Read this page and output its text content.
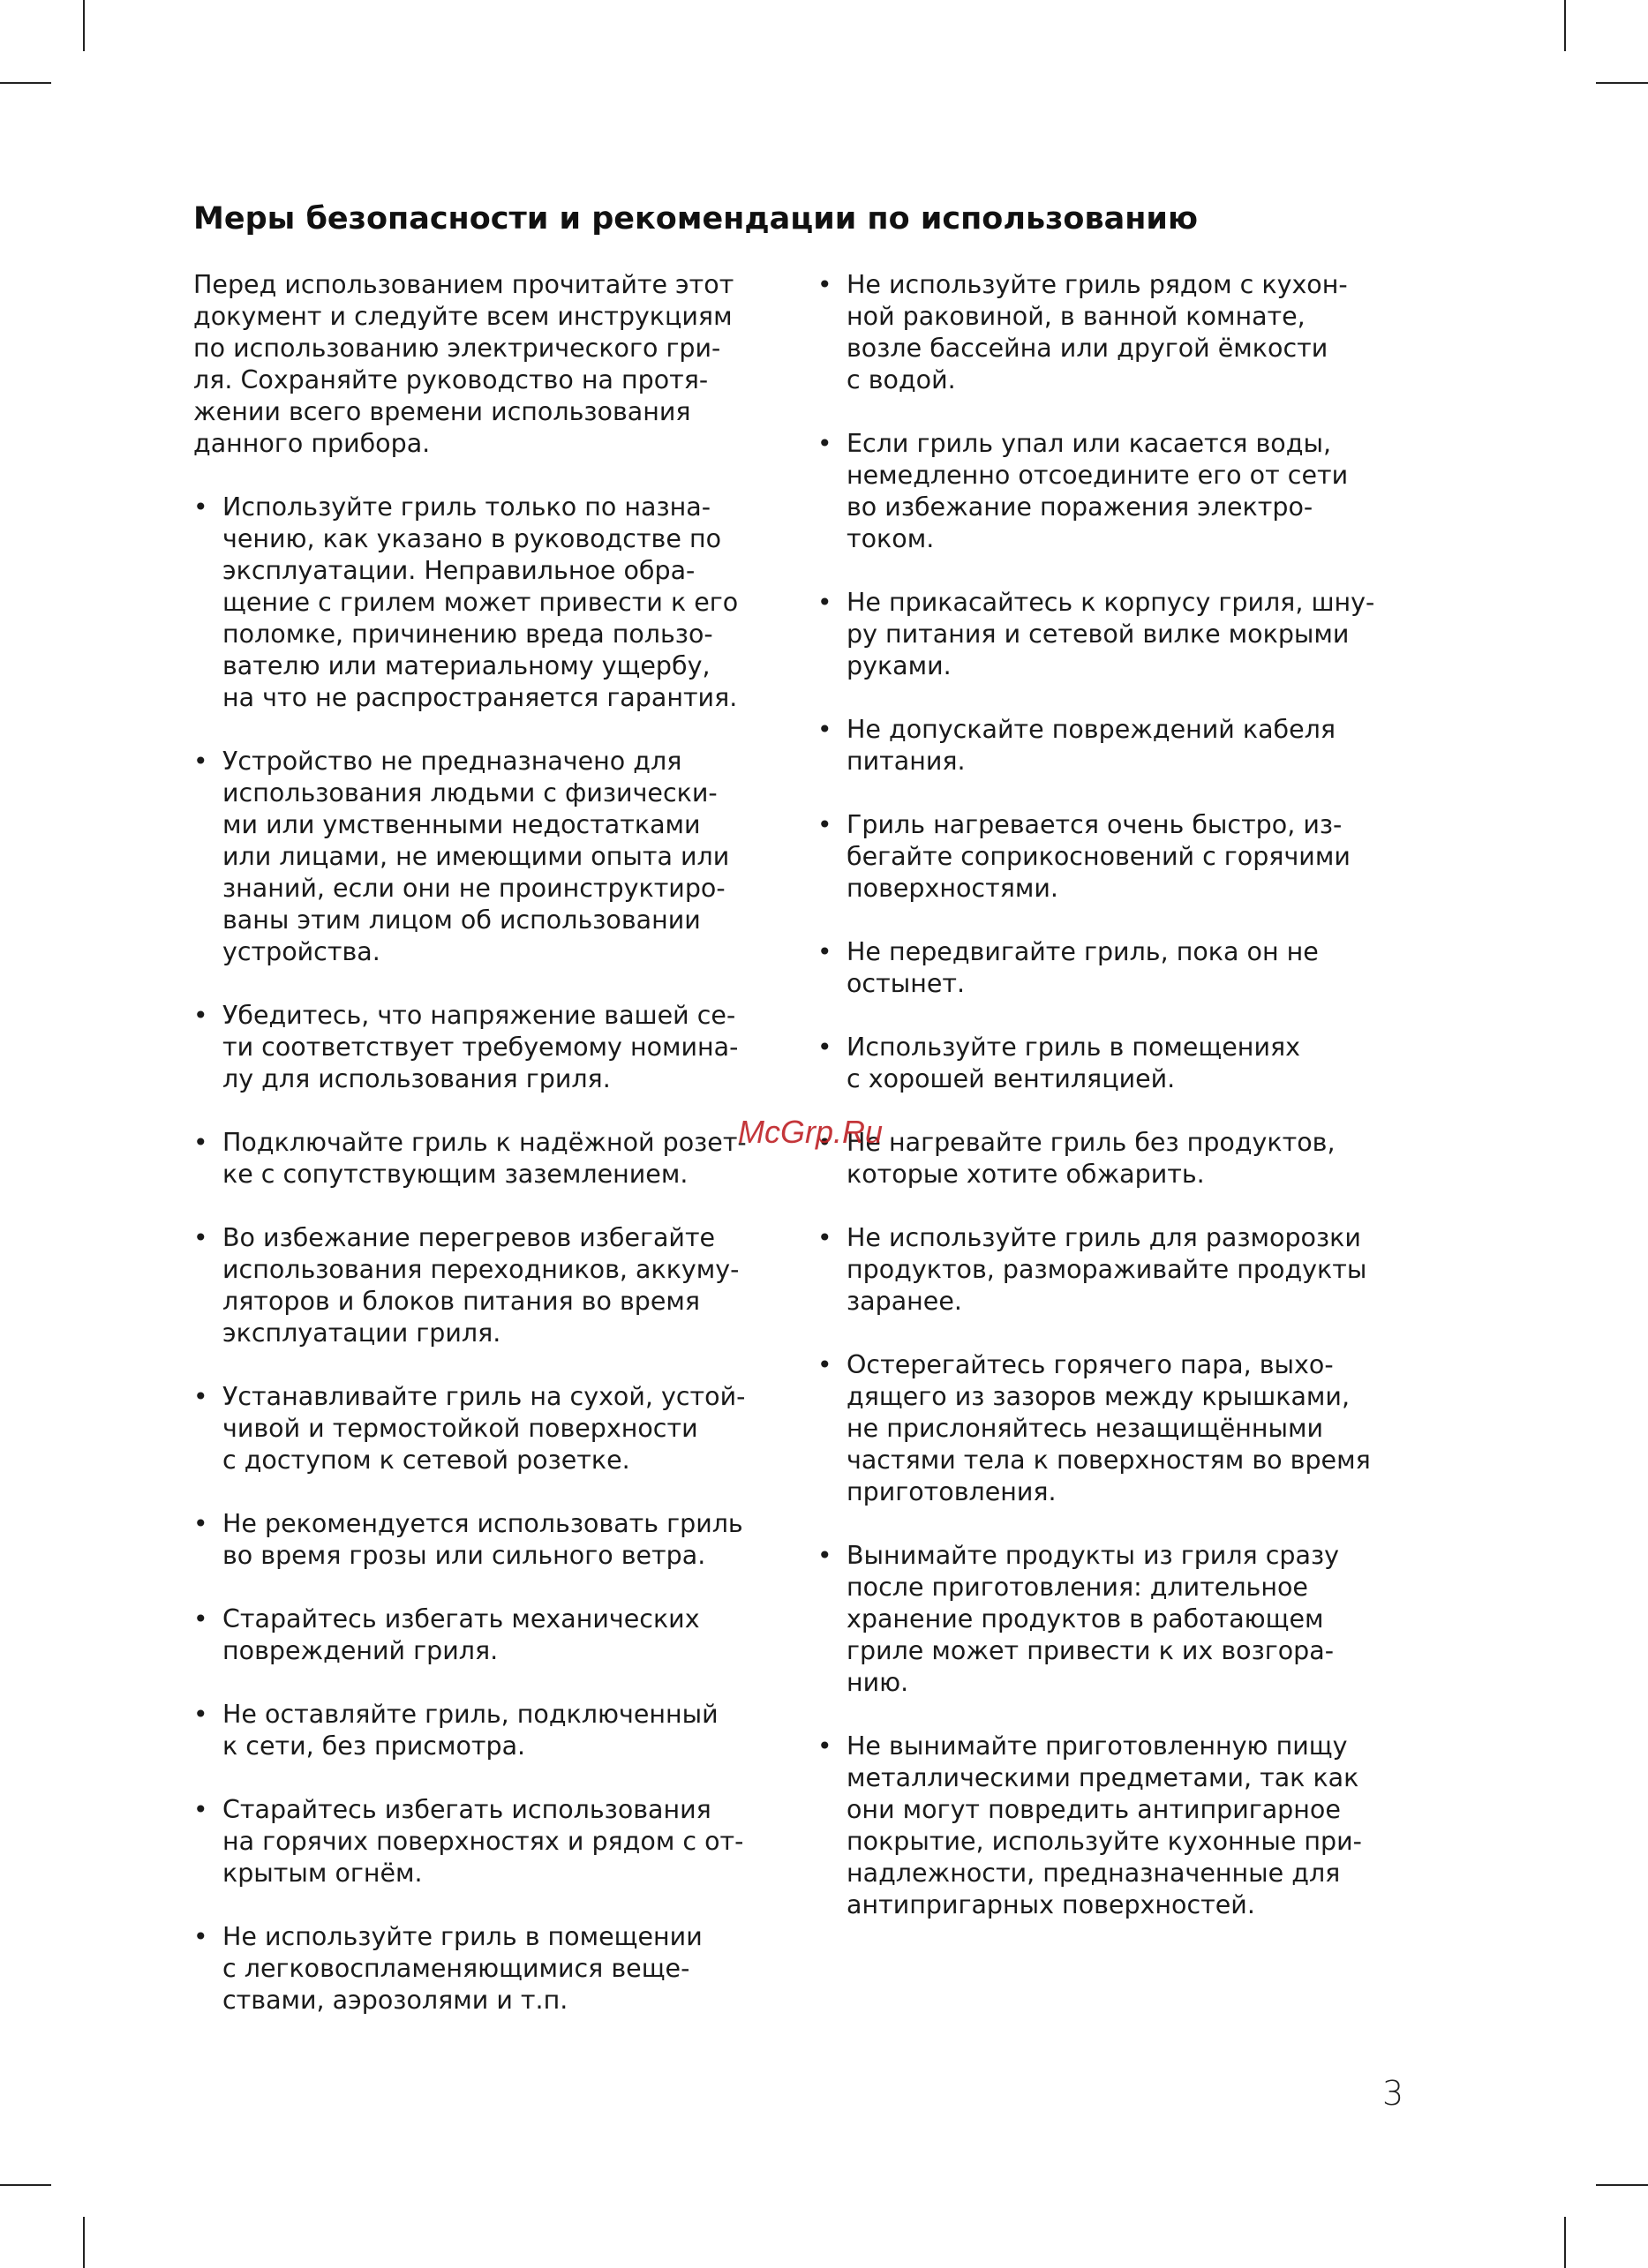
Меры безопасности и рекомендации по использованию

Перед использованием прочитайте этот
документ и следуйте всем инструкциям
по использованию электрического гри-
ля. Сохраняйте руководство на протя-
жении всего времени использования
данного прибора.

• Используйте гриль только по назна-
чению, как указано в руководстве по
эксплуатации. Неправильное обра-
щение с грилем может привести к его
поломке, причинению вреда пользо-
вателю или материальному ущербу,
на что не распространяется гарантия.

• Устройство не предназначено для
использования людьми с физически-
ми или умственными недостатками
или лицами, не имеющими опыта или
знаний, если они не проинструктиро-
ваны этим лицом об использовании
устройства.

• Убедитесь, что напряжение вашей се-
ти соответствует требуемому номина-
лу для использования гриля.

• Подключайте гриль к надёжной розет-
ке с сопутствующим заземлением.

• Во избежание перегревов избегайте
использования переходников, аккуму-
ляторов и блоков питания во время
эксплуатации гриля.

• Устанавливайте гриль на сухой, устой-
чивой и термостойкой поверхности
с доступом к сетевой розетке.

• Не рекомендуется использовать гриль
во время грозы или сильного ветра.

• Старайтесь избегать механических
повреждений гриля.

• Не оставляйте гриль, подключенный
к сети, без присмотра.

• Старайтесь избегать использования
на горячих поверхностях и рядом с от-
крытым огнём.

• Не используйте гриль в помещении
с легковоспламеняющимися веще-
ствами, аэрозолями и т.п.

• Не используйте гриль рядом с кухон-
ной раковиной, в ванной комнате,
возле бассейна или другой ёмкости
с водой.

• Если гриль упал или касается воды,
немедленно отсоедините его от сети
во избежание поражения электро-
током.

• Не прикасайтесь к корпусу гриля, шну-
ру питания и сетевой вилке мокрыми
руками.

• Не допускайте повреждений кабеля
питания.

• Гриль нагревается очень быстро, из-
бегайте соприкосновений с горячими
поверхностями.

• Не передвигайте гриль, пока он не
остынет.

• Используйте гриль в помещениях
с хорошей вентиляцией.

• Не нагревайте гриль без продуктов,
которые хотите обжарить.

• Не используйте гриль для разморозки
продуктов, размораживайте продукты
заранее.

• Остерегайтесь горячего пара, выхо-
дящего из зазоров между крышками,
не прислоняйтесь незащищёнными
частями тела к поверхностям во время
приготовления.

• Вынимайте продукты из гриля сразу
после приготовления: длительное
хранение продуктов в работающем
гриле может привести к их возгора-
нию.

• Не вынимайте приготовленную пищу
металлическими предметами, так как
они могут повредить антипригарное
покрытие, используйте кухонные при-
надлежности, предназначенные для
антипригарных поверхностей.

McGrp.Ru
3
